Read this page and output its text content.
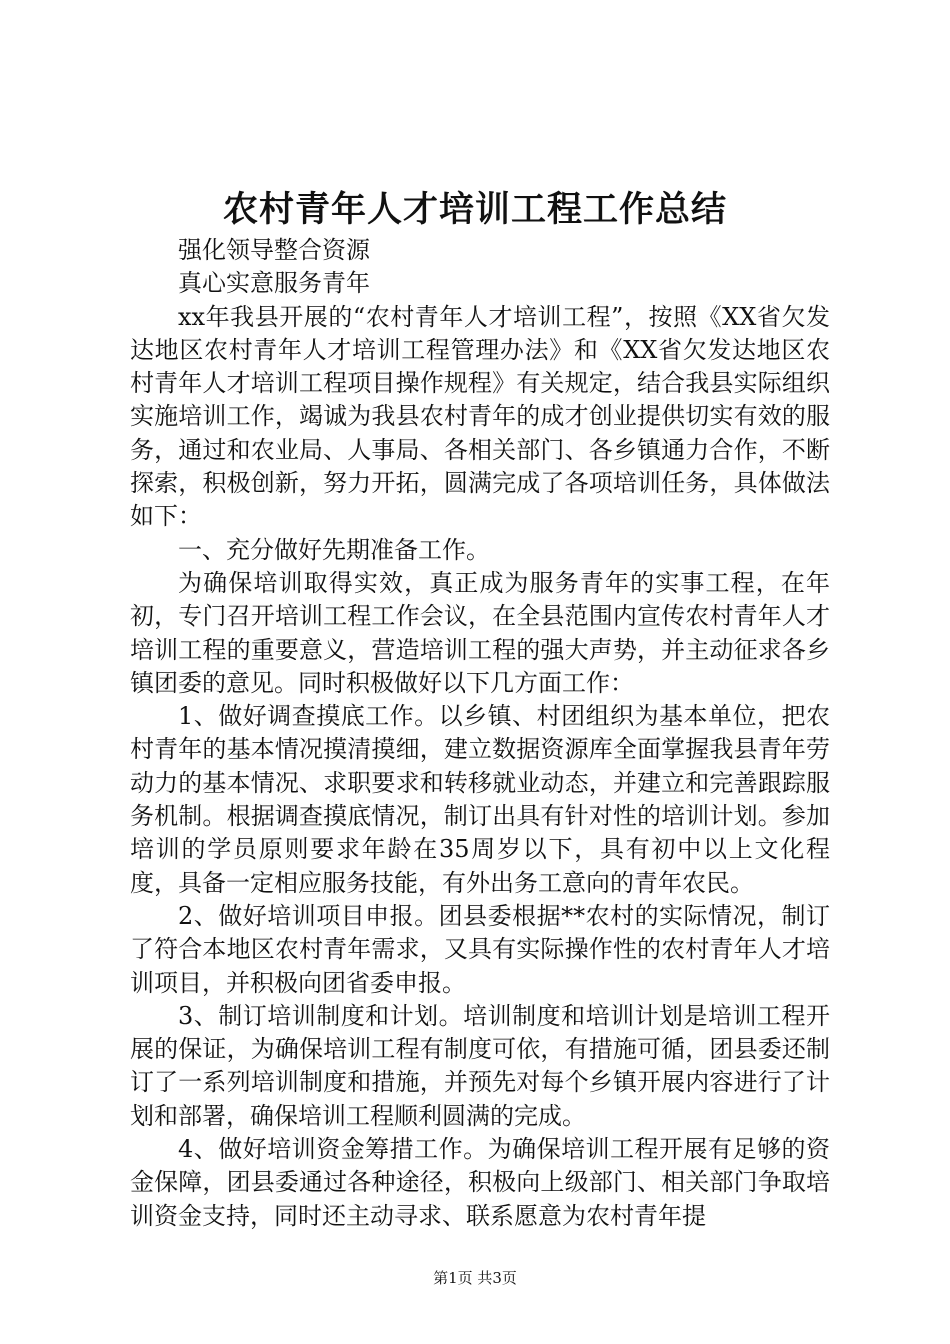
农村青年人才培训工程工作总结

强化领导整合资源

真心实意服务青年

xx年我县开展的“农村青年人才培训工程”，按照《XX省欠发达地区农村青年人才培训工程管理办法》和《XX省欠发达地区农村青年人才培训工程项目操作规程》有关规定，结合我县实际组织实施培训工作，竭诚为我县农村青年的成才创业提供切实有效的服务，通过和农业局、人事局、各相关部门、各乡镇通力合作，不断探索，积极创新，努力开拓，圆满完成了各项培训任务，具体做法如下：

一、充分做好先期准备工作。

为确保培训取得实效，真正成为服务青年的实事工程，在年初，专门召开培训工程工作会议，在全县范围内宣传农村青年人才培训工程的重要意义，营造培训工程的强大声势，并主动征求各乡镇团委的意见。同时积极做好以下几方面工作：

1、做好调查摸底工作。以乡镇、村团组织为基本单位，把农村青年的基本情况摸清摸细，建立数据资源库全面掌握我县青年劳动力的基本情况、求职要求和转移就业动态，并建立和完善跟踪服务机制。根据调查摸底情况，制订出具有针对性的培训计划。参加培训的学员原则要求年龄在35周岁以下，具有初中以上文化程度，具备一定相应服务技能，有外出务工意向的青年农民。

2、做好培训项目申报。团县委根据**农村的实际情况，制订了符合本地区农村青年需求，又具有实际操作性的农村青年人才培训项目，并积极向团省委申报。

3、制订培训制度和计划。培训制度和培训计划是培训工程开展的保证，为确保培训工程有制度可依，有措施可循，团县委还制订了一系列培训制度和措施，并预先对每个乡镇开展内容进行了计划和部署，确保培训工程顺利圆满的完成。

4、做好培训资金筹措工作。为确保培训工程开展有足够的资金保障，团县委通过各种途径，积极向上级部门、相关部门争取培训资金支持，同时还主动寻求、联系愿意为农村青年提

第1页 共3页
